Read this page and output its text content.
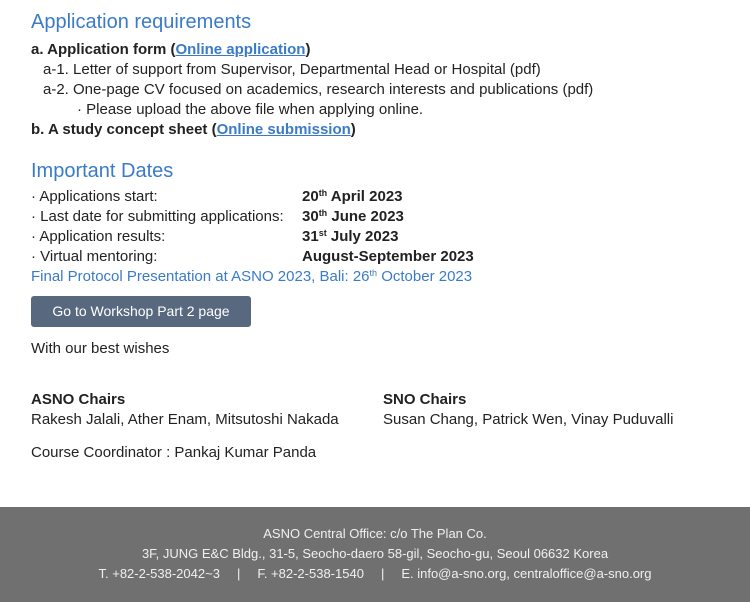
Application requirements
a. Application form (Online application)
a-1. Letter of support from Supervisor, Departmental Head or Hospital (pdf)
a-2. One-page CV focused on academics, research interests and publications (pdf)
· Please upload the above file when applying online.
b. A study concept sheet (Online submission)
Important Dates
· Applications start:	20th April 2023
· Last date for submitting applications: 30th June 2023
· Application results:	31st July 2023
· Virtual mentoring:	August-September 2023
Final Protocol Presentation at ASNO 2023, Bali: 26th October 2023
Go to Workshop Part 2 page
With our best wishes
ASNO Chairs
Rakesh Jalali, Ather Enam, Mitsutoshi Nakada
SNO Chairs
Susan Chang, Patrick Wen, Vinay Puduvalli
Course Coordinator : Pankaj Kumar Panda
ASNO Central Office: c/o The Plan Co.
3F, JUNG E&C Bldg., 31-5, Seocho-daero 58-gil, Seocho-gu, Seoul 06632 Korea
T. +82-2-538-2042~3 | F. +82-2-538-1540 | E. info@a-sno.org, centraloffice@a-sno.org
